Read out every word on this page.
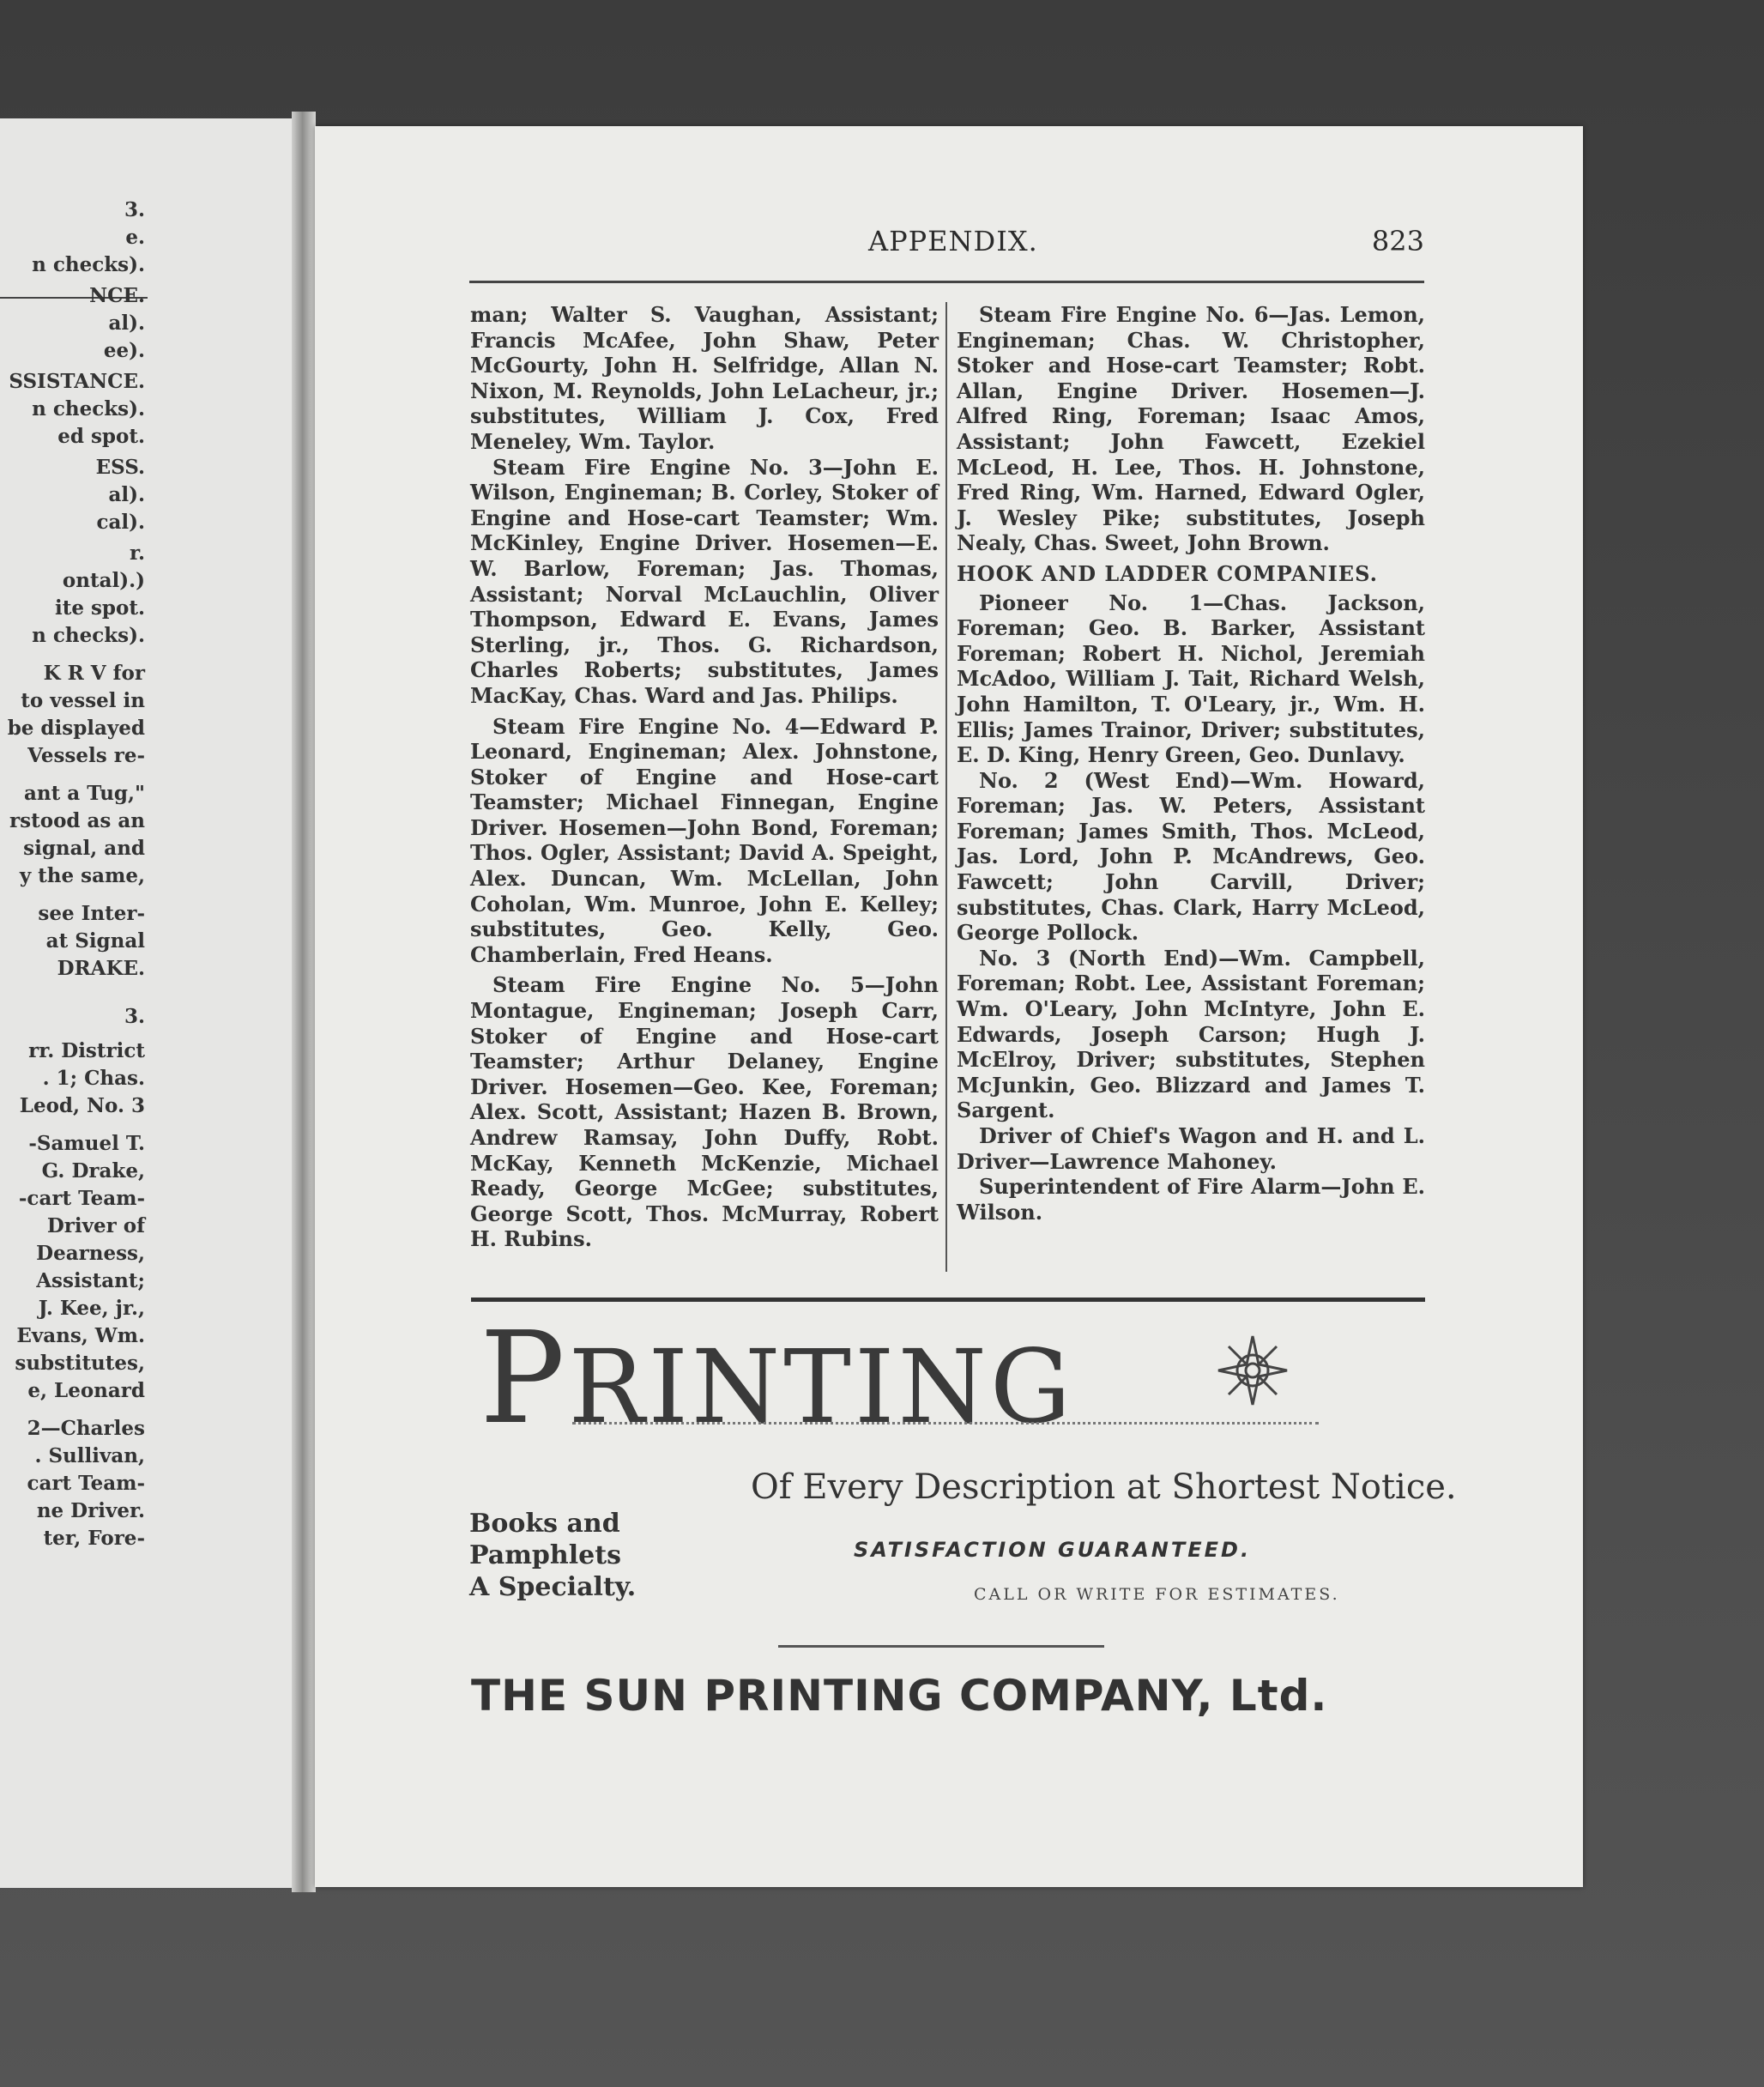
3.
e.
n checks).
NCE.
al).
ee).
SSISTANCE.
n checks).
ed spot.
ESS.
al).
cal).
r.
ontal).)
ite spot.
n checks).
K R V for
to vessel in
be displayed
Vessels re-
ant a Tug,"
rstood as an
signal, and
y the same,
see Inter-
at Signal
DRAKE.
3.
rr. District
. 1; Chas.
Leod, No. 3
-Samuel T.
G. Drake,
-cart Team-
Driver of
Dearness,
Assistant;
J. Kee, jr.,
Evans, Wm.
substitutes,
e, Leonard
2—Charles
. Sullivan,
cart Team-
ne Driver.
ter, Fore-
APPENDIX.	823

man; Walter S. Vaughan, Assistant; Francis McAfee, John Shaw, Peter McGourty, John H. Selfridge, Allan N. Nixon, M. Reynolds, John LeLacheur, jr.; substitutes, William J. Cox, Fred Meneley, Wm. Taylor.

Steam Fire Engine No. 3—John E. Wilson, Engineman; B. Corley, Stoker of Engine and Hose-cart Teamster; Wm. McKinley, Engine Driver. Hosemen—E. W. Barlow, Foreman; Jas. Thomas, Assistant; Norval McLauchlin, Oliver Thompson, Edward E. Evans, James Sterling, jr., Thos. G. Richardson, Charles Roberts; substitutes, James MacKay, Chas. Ward and Jas. Philips.

Steam Fire Engine No. 4—Edward P. Leonard, Engineman; Alex. Johnstone, Stoker of Engine and Hose-cart Teamster; Michael Finnegan, Engine Driver. Hosemen—John Bond, Foreman; Thos. Ogler, Assistant; David A. Speight, Alex. Duncan, Wm. McLellan, John Coholan, Wm. Munroe, John E. Kelley; substitutes, Geo. Kelly, Geo. Chamberlain, Fred Heans.

Steam Fire Engine No. 5—John Montague, Engineman; Joseph Carr, Stoker of Engine and Hose-cart Teamster; Arthur Delaney, Engine Driver. Hosemen—Geo. Kee, Foreman; Alex. Scott, Assistant; Hazen B. Brown, Andrew Ramsay, John Duffy, Robt. McKay, Kenneth McKenzie, Michael Ready, George McGee; substitutes, George Scott, Thos. McMurray, Robert H. Rubins.

Steam Fire Engine No. 6—Jas. Lemon, Engineman; Chas. W. Christopher, Stoker and Hose-cart Teamster; Robt. Allan, Engine Driver. Hosemen—J. Alfred Ring, Foreman; Isaac Amos, Assistant; John Fawcett, Ezekiel McLeod, H. Lee, Thos. H. Johnstone, Fred Ring, Wm. Harned, Edward Ogler, J. Wesley Pike; substitutes, Joseph Nealy, Chas. Sweet, John Brown.

HOOK AND LADDER COMPANIES.

Pioneer No. 1—Chas. Jackson, Foreman; Geo. B. Barker, Assistant Foreman; Robert H. Nichol, Jeremiah McAdoo, William J. Tait, Richard Welsh, John Hamilton, T. O'Leary, jr., Wm. H. Ellis; James Trainor, Driver; substitutes, E. D. King, Henry Green, Geo. Dunlavy.

No. 2 (West End)—Wm. Howard, Foreman; Jas. W. Peters, Assistant Foreman; James Smith, Thos. McLeod, Jas. Lord, John P. McAndrews, Geo. Fawcett; John Carvill, Driver; substitutes, Chas. Clark, Harry McLeod, George Pollock.

No. 3 (North End)—Wm. Campbell, Foreman; Robt. Lee, Assistant Foreman; Wm. O'Leary, John McIntyre, John E. Edwards, Joseph Carson; Hugh J. McElroy, Driver; substitutes, Stephen McJunkin, Geo. Blizzard and James T. Sargent.

Driver of Chief's Wagon and H. and L. Driver—Lawrence Mahoney.

Superintendent of Fire Alarm—John E. Wilson.

PRINTING
Of Every Description at Shortest Notice.
Books and
Pamphlets
A Specialty.
SATISFACTION GUARANTEED.
CALL OR WRITE FOR ESTIMATES.
THE SUN PRINTING COMPANY, Ltd.
